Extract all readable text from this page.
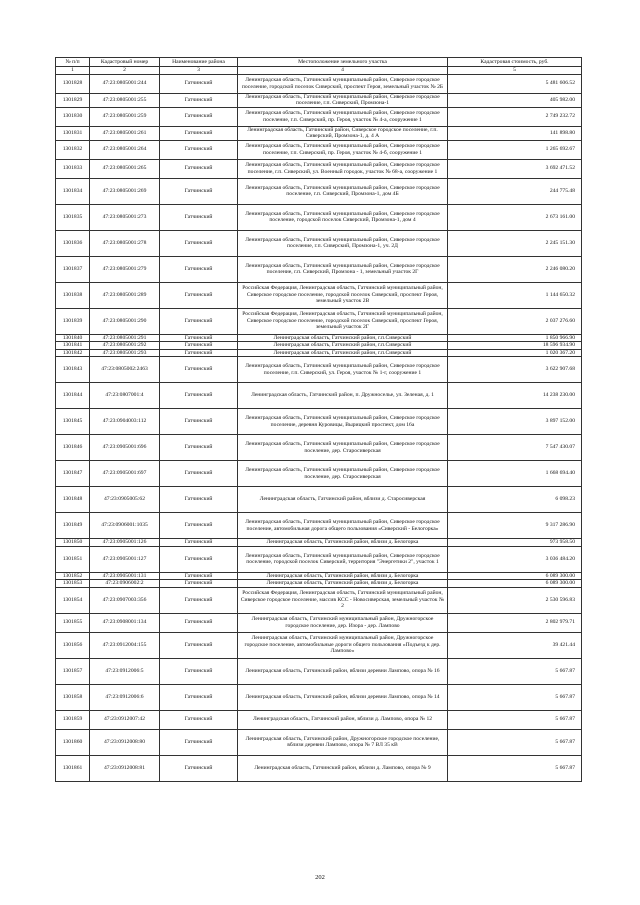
№ п/п	Кадастровый номер	Наименование района	Местоположение земельного участка	Кадастровая стоимость, руб.
1	2	3	4	5
1301828	47:23:0805001:244	Гатчинский	Ленинградская область, Гатчинский муниципальный район, Сиверское городское поселение, городской поселок Сиверский, проспект Героя, земельный участок № 2Б	5 481 606.52
1301829	47:23:0805001:255	Гатчинский	Ленинградская область, Гатчинский муниципальный район, Сиверское городское поселение, г.п. Сиверский, Промзона-1	405 982.00
1301830	47:23:0805001:259	Гатчинский	Ленинградская область, Гатчинский муниципальный район, Сиверское городское поселение, г.п. Сиверский, пр. Героя, участок № 4-а, сооружение 1	2 749 232.72
1301831	47:23:0805001:261	Гатчинский	Ленинградская область, Гатчинский район, Сиверское городское поселение, г.п. Сиверский, Промзона-1, д. 4 А	141 898.80
1301832	47:23:0805001:264	Гатчинский	Ленинградская область, Гатчинский муниципальный район, Сиверское городское поселение, г.п. Сиверский, пр. Героя, участок № 4-б, сооружение 1	1 265 692.67
1301833	47:23:0805001:265	Гатчинский	Ленинградская область, Гатчинский муниципальный район, Сиверское городское поселение, г.п. Сиверский, ул. Военный городок, участок № 68-а, сооружение 1	3 692 471.52
1301834	47:23:0805001:269	Гатчинский	Ленинградская область, Гатчинский муниципальный район, Сиверское городское поселение, г.п. Сиверский, Промзона-1, дом 4Б	244 775.48
1301835	47:23:0805001:273	Гатчинский	Ленинградская область, Гатчинский муниципальный район, Сиверское городское поселение, городской поселок Сиверский, Промзона-1, дом 4	2 673 161.00
1301836	47:23:0805001:278	Гатчинский	Ленинградская область, Гатчинский муниципальный район, Сиверское городское поселение, г.п. Сиверский, Промзона-1, уч. 2Д	2 245 151.30
1301837	47:23:0805001:279	Гатчинский	Ленинградская область, Гатчинский муниципальный район, Сиверское городское поселение, г.п. Сиверский, Промзона - 1, земельный участок 2Г	2 246 080.20
1301838	47:23:0805001:289	Гатчинский	Российская Федерация, Ленинградская область, Гатчинский муниципальный район, Сиверское городское поселение, городской поселок Сиверский, проспект Героя, земельный участок 2В	1 144 650.32
1301839	47:23:0805001:290	Гатчинский	Российская Федерация, Ленинградская область, Гатчинский муниципальный район, Сиверское городское поселение, городской поселок Сиверский, проспект Героя, земельный участок 2Г	2 037 276.60
1301840	47:23:0805001:291	Гатчинский	Ленинградская область, Гатчинский район, г.п.Сиверский	1 850 966.90
1301841	47:23:0805001:292	Гатчинский	Ленинградская область, Гатчинский район, г.п.Сиверский	18 596 934.90
1301842	47:23:0805001:293	Гатчинский	Ленинградская область, Гатчинский район, г.п.Сиверский	1 020 367.20
1301843	47:23:0805002:2463	Гатчинский	Ленинградская область, Гатчинский муниципальный район, Сиверское городское поселение, г.п. Сиверский, ул. Героя, участок № 1-г, сооружение 1	3 622 907.68
1301844	47:23:0807001:4	Гатчинский	Ленинградская область, Гатчинский район, п. Дружноселье, ул. Зеленая, д. 1	14 238 230.00
1301845	47:23:0904003:112	Гатчинский	Ленинградская область, Гатчинский муниципальный район, Сиверское городское поселение, деревня Куровицы, Вырицкий проспект, дом 16а	3 897 152.00
1301846	47:23:0905001:696	Гатчинский	Ленинградская область, Гатчинский муниципальный район, Сиверское городское поселение, дер. Старосиверская	7 547 430.07
1301847	47:23:0905001:697	Гатчинский	Ленинградская область, Гатчинский муниципальный район, Сиверское городское поселение, дер. Старосиверская	1 668 694.40
1301848	47:23:0905005:62	Гатчинский	Ленинградская область, Гатчинский район, вблизи д. Старосиверская	6 098.23
1301849	47:23:0906001:1035	Гатчинский	Ленинградская область, Гатчинский муниципальный район, Сиверское городское поселение, автомобильная дорога общего пользования «Сиверский - Белогорка»	9 317 286.90
1301850	47:23:0905001:126	Гатчинский	Ленинградская область, Гатчинский район, вблизи д. Белогорка	973 958.50
1301851	47:23:0905001:127	Гатчинский	Ленинградская область, Гатчинский муниципальный район, Сиверское городское поселение, городской поселок Сиверский, территория "Энергетики 2", участок 1	3 036 484.20
1301852	47:23:0905001:131	Гатчинский	Ленинградская область, Гатчинский район, вблизи д. Белогорка	6 089 300.00
1301853	47:23:0906002:2	Гатчинский	Ленинградская область, Гатчинский район, вблизи д. Белогорка	6 089 300.00
1301854	47:23:0907003:356	Гатчинский	Российская Федерация, Ленинградская область, Гатчинский муниципальный район, Сиверское городское поселение, массив КСС - Новосиверская, земельный участок № 2	2 530 596.83
1301855	47:23:0908001:134	Гатчинский	Ленинградская область, Гатчинский муниципальный район, Дружногорское городское поселение, дер. Изора - дер. Лампово	2 802 979.71
1301856	47:23:0912004:155	Гатчинский	Ленинградская область, Гатчинский муниципальный район, Дружногорское городское поселение, автомобильные дороги общего пользования «Подъезд к дер. Лампово»	39 421.44
1301857	47:23:0912006:5	Гатчинский	Ленинградская область, Гатчинский район, вблизи деревни Лампово, опора № 16	5 667.87
1301858	47:23:0912006:6	Гатчинский	Ленинградская область, Гатчинский район, вблизи деревни Лампово, опора № 14	5 667.87
1301859	47:23:0912007:42	Гатчинский	Ленинградская область, Гатчинский район, вблизи д. Лампово, опора № 12	5 667.87
1301860	47:23:0912008:80	Гатчинский	Ленинградская область, Гатчинский район, Дружногорское городское поселение, вблизи деревни Лампово, опора № 7 ВЛ 35 кВ	5 667.87
1301861	47:23:0912008:81	Гатчинский	Ленинградская область, Гатчинский район, вблизи д. Лампово, опора № 9	5 667.87
202
